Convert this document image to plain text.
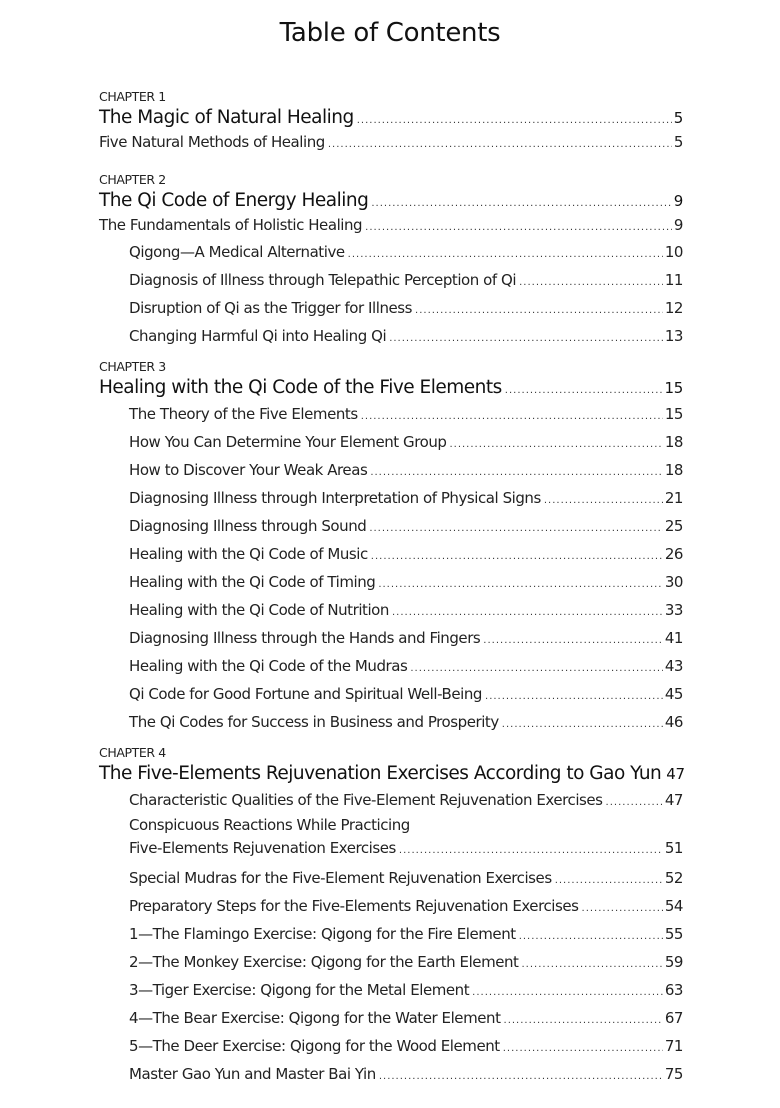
Table of Contents
CHAPTER 1
The Magic of Natural Healing .....	5
Five Natural Methods of Healing .....	5
CHAPTER 2
The Qi Code of Energy Healing .....	9
The Fundamentals of Holistic Healing .....	9
Qigong—A Medical Alternative .....	10
Diagnosis of Illness through Telepathic Perception of Qi .....	11
Disruption of Qi as the Trigger for Illness .....	12
Changing Harmful Qi into Healing Qi .....	13
CHAPTER 3
Healing with the Qi Code of the Five Elements .....	15
The Theory of the Five Elements .....	15
How You Can Determine Your Element Group .....	18
How to Discover Your Weak Areas .....	18
Diagnosing Illness through Interpretation of Physical Signs .....	21
Diagnosing Illness through Sound .....	25
Healing with the Qi Code of Music .....	26
Healing with the Qi Code of Timing .....	30
Healing with the Qi Code of Nutrition .....	33
Diagnosing Illness through the Hands and Fingers .....	41
Healing with the Qi Code of the Mudras .....	43
Qi Code for Good Fortune and Spiritual Well-Being .....	45
The Qi Codes for Success in Business and Prosperity .....	46
CHAPTER 4
The Five-Elements Rejuvenation Exercises According to Gao Yun 47
Characteristic Qualities of the Five-Element Rejuvenation Exercises .....	47
Conspicuous Reactions While Practicing
Five-Elements Rejuvenation Exercises .....	51
Special Mudras for the Five-Element Rejuvenation Exercises .....	52
Preparatory Steps for the Five-Elements Rejuvenation Exercises .....	54
1—The Flamingo Exercise: Qigong for the Fire Element .....	55
2—The Monkey Exercise: Qigong for the Earth Element .....	59
3—Tiger Exercise: Qigong for the Metal Element .....	63
4—The Bear Exercise: Qigong for the Water Element .....	67
5—The Deer Exercise: Qigong for the Wood Element .....	71
Master Gao Yun and Master Bai Yin .....	75
